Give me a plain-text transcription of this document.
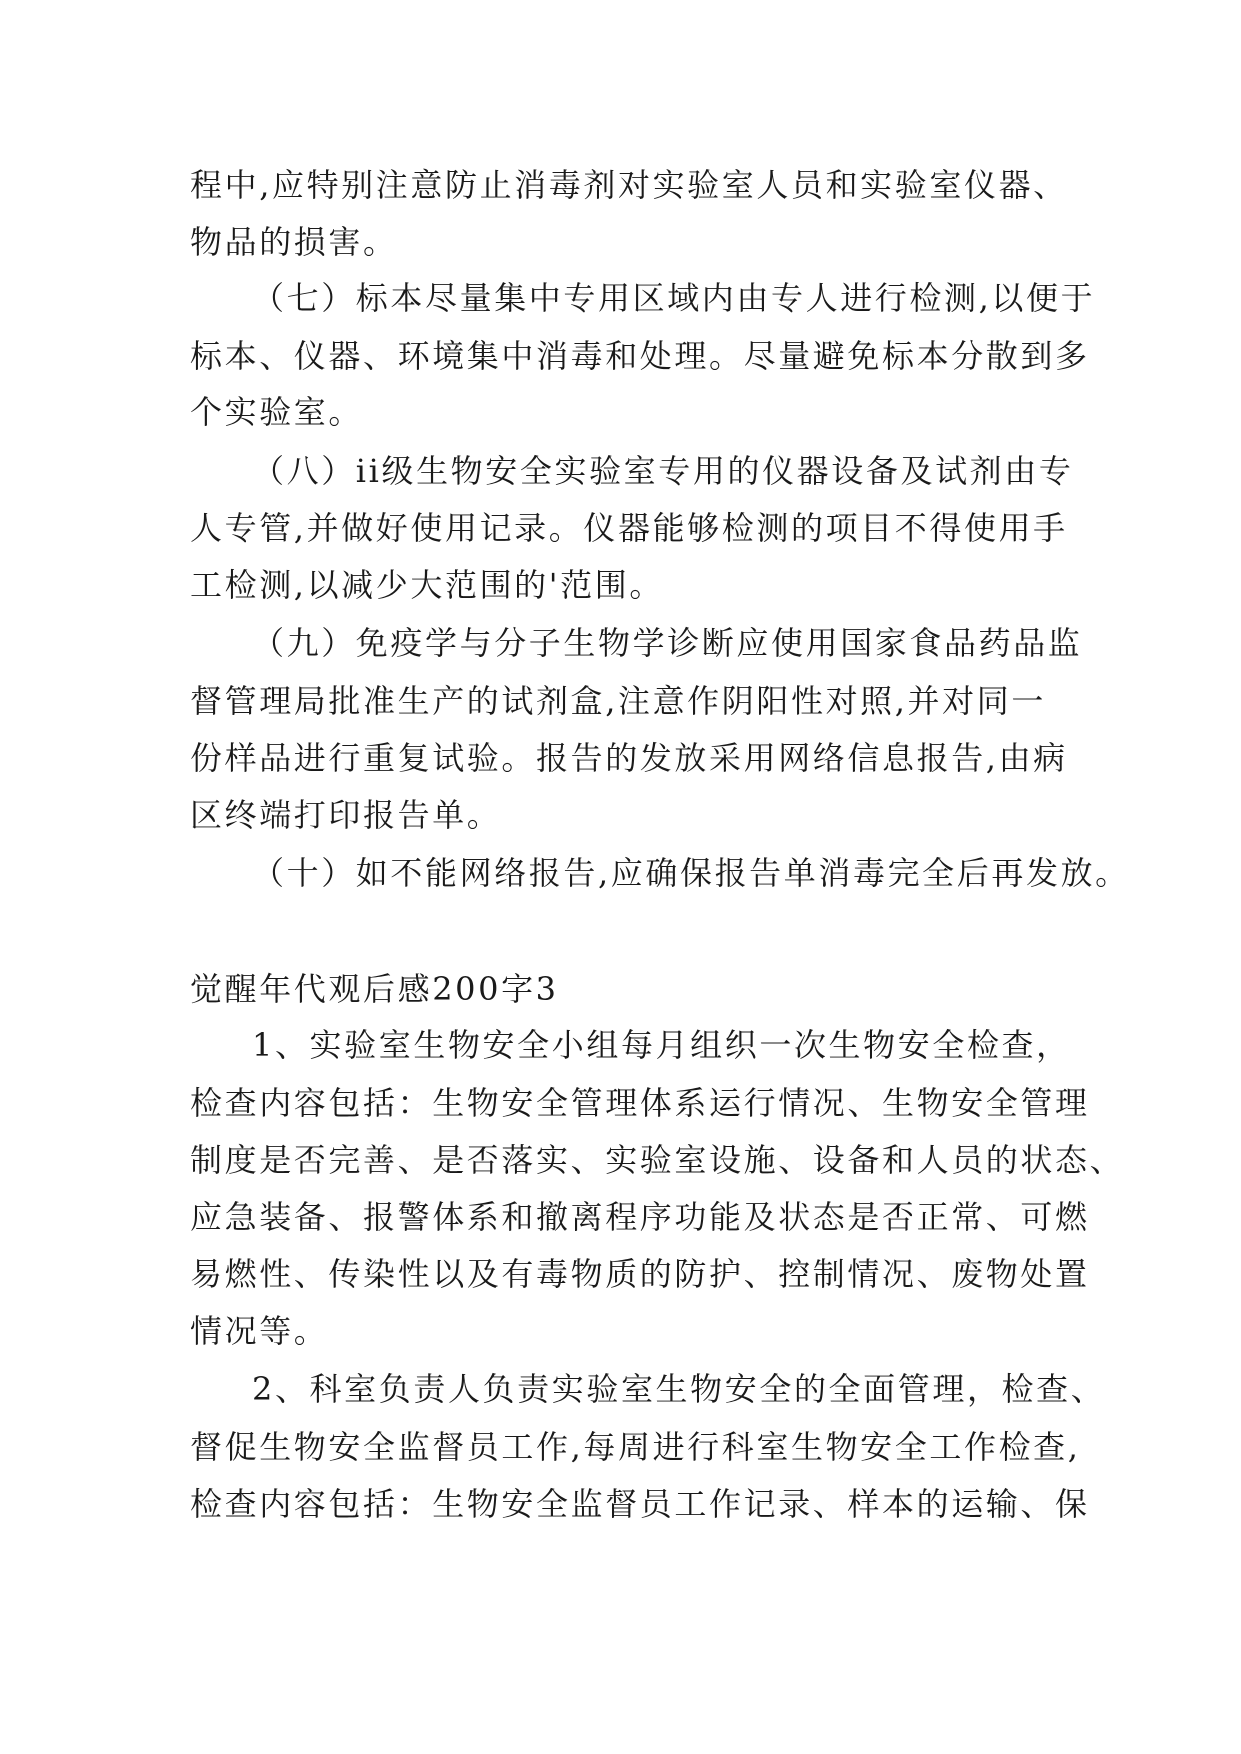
程中,应特别注意防止消毒剂对实验室人员和实验室仪器、
物品的损害。
（七）标本尽量集中专用区域内由专人进行检测,以便于
标本、仪器、环境集中消毒和处理。尽量避免标本分散到多
个实验室。
（八）ii级生物安全实验室专用的仪器设备及试剂由专
人专管,并做好使用记录。仪器能够检测的项目不得使用手
工检测,以减少大范围的'范围。
（九）免疫学与分子生物学诊断应使用国家食品药品监
督管理局批准生产的试剂盒,注意作阴阳性对照,并对同一
份样品进行重复试验。报告的发放采用网络信息报告,由病
区终端打印报告单。
（十）如不能网络报告,应确保报告单消毒完全后再发放。
觉醒年代观后感200字3
1、实验室生物安全小组每月组织一次生物安全检查，
检查内容包括：生物安全管理体系运行情况、生物安全管理
制度是否完善、是否落实、实验室设施、设备和人员的状态、
应急装备、报警体系和撤离程序功能及状态是否正常、可燃
易燃性、传染性以及有毒物质的防护、控制情况、废物处置
情况等。
2、科室负责人负责实验室生物安全的全面管理，检查、
督促生物安全监督员工作,每周进行科室生物安全工作检查,
检查内容包括：生物安全监督员工作记录、样本的运输、保
